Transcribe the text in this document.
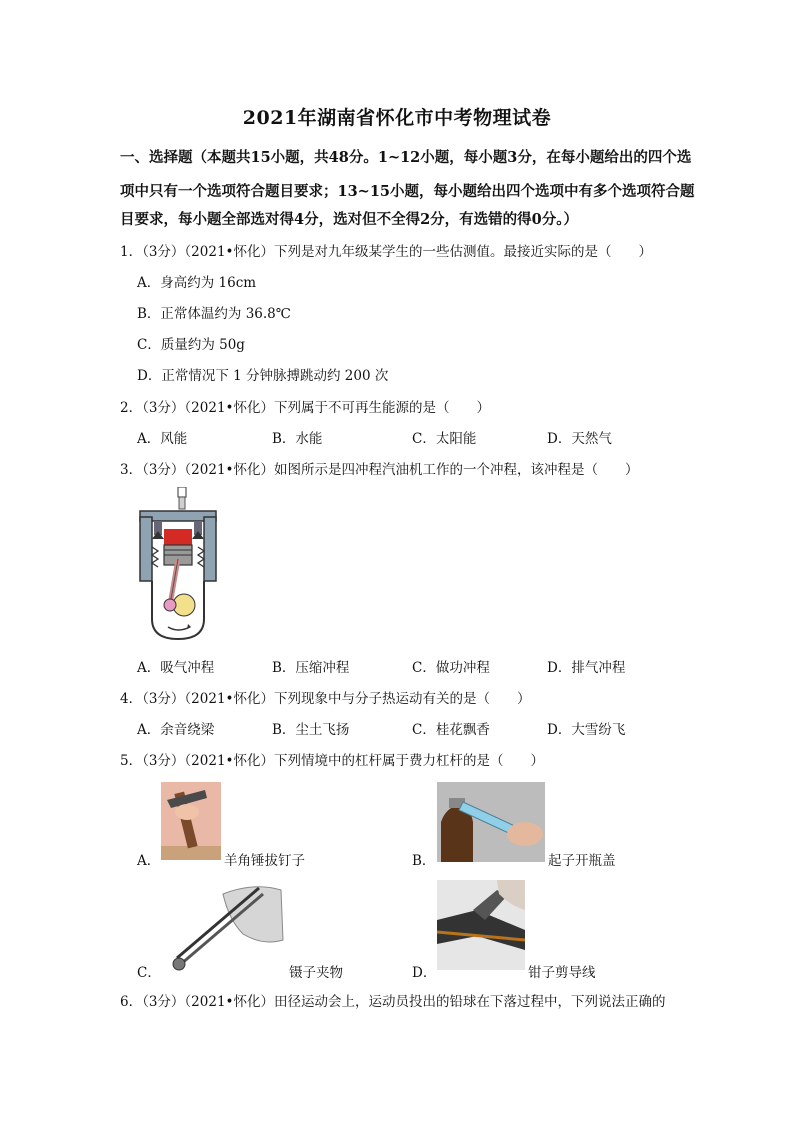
2021年湖南省怀化市中考物理试卷
一、选择题（本题共15小题，共48分。1~12小题，每小题3分，在每小题给出的四个选
项中只有一个选项符合题目要求；13~15小题，每小题给出四个选项中有多个选项符合题
目要求，每小题全部选对得4分，选对但不全得2分，有选错的得0分。）
1．（3分）（2021•怀化）下列是对九年级某学生的一些估测值。最接近实际的是（　　）
A．身高约为 16cm
B．正常体温约为 36.8℃
C．质量约为 50g
D．正常情况下 1 分钟脉搏跳动约 200 次
2．（3分）（2021•怀化）下列属于不可再生能源的是（　　）
A．风能	B．水能	C．太阳能	D．天然气
3．（3分）（2021•怀化）如图所示是四冲程汽油机工作的一个冲程，该冲程是（　　）
A．吸气冲程	B．压缩冲程	C．做功冲程	D．排气冲程
4．（3分）（2021•怀化）下列现象中与分子热运动有关的是（　　）
A．余音绕梁	B．尘土飞扬	C．桂花飘香	D．大雪纷飞
5．（3分）（2021•怀化）下列情境中的杠杆属于费力杠杆的是（　　）
A．	羊角锤拔钉子	B．	起子开瓶盖
C．	镊子夹物	D．	钳子剪导线
6．（3分）（2021•怀化）田径运动会上，运动员投出的铅球在下落过程中，下列说法正确的
